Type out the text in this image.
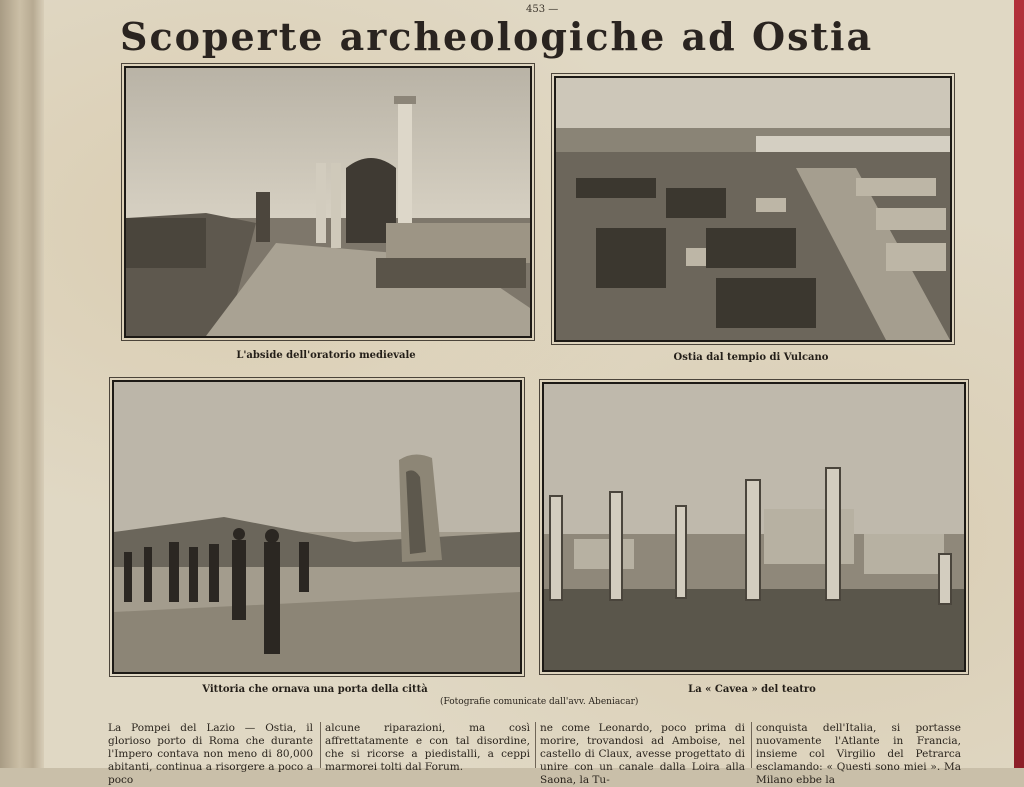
453 —
Scoperte archeologiche ad Ostia
L'abside dell'oratorio medievale	Ostia dal tempio di Vulcano
Vittoria che ornava una porta della città	La « Cavea » del teatro
(Fotografie comunicate dall'avv. Abeniacar)

La Pompei del Lazio — Ostia, il glorioso porto di Roma che durante l'Impero contava non meno di 80,000 abitanti, continua a risorgere a poco a poco

alcune riparazioni, ma così affrettatamente e con tal disordine, che si ricorse a piedistalli, a ceppi marmorei tolti dal Forum.

ne come Leonardo, poco prima di morire, trovandosi ad Amboise, nel castello di Claux, avesse progettato di unire con un canale dalla Loira alla Saona, la Tu-

conquista dell'Italia, si portasse nuovamente l'Atlante in Francia, insieme col Virgilio del Petrarca esclamando: « Questi sono miei ». Ma Milano ebbe la
